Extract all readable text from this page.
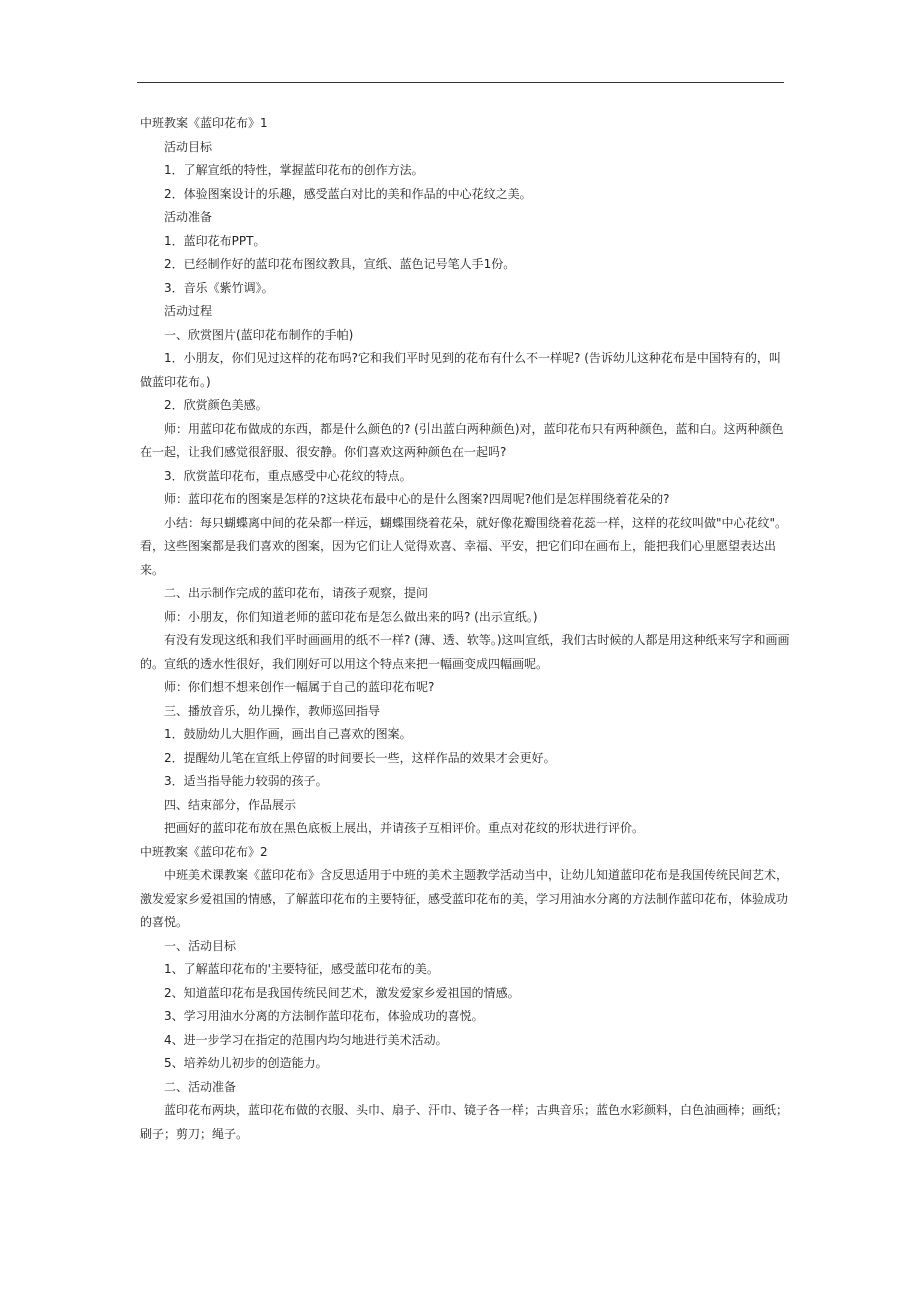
中班教案《蓝印花布》1

活动目标

1．了解宣纸的特性，掌握蓝印花布的创作方法。

2．体验图案设计的乐趣，感受蓝白对比的美和作品的中心花纹之美。

活动准备

1．蓝印花布PPT。

2．已经制作好的蓝印花布图纹教具，宣纸、蓝色记号笔人手1份。

3．音乐《紫竹调》。

活动过程

一、欣赏图片(蓝印花布制作的手帕)

1．小朋友，你们见过这样的花布吗?它和我们平时见到的花布有什么不一样呢? (告诉幼儿这种花布是中国特有的，叫做蓝印花布。)

2．欣赏颜色美感。

师：用蓝印花布做成的东西，都是什么颜色的? (引出蓝白两种颜色)对，蓝印花布只有两种颜色，蓝和白。这两种颜色在一起，让我们感觉很舒服、很安静。你们喜欢这两种颜色在一起吗?

3．欣赏蓝印花布，重点感受中心花纹的特点。

师：蓝印花布的图案是怎样的?这块花布最中心的是什么图案?四周呢?他们是怎样围绕着花朵的?

小结：每只蝴蝶离中间的花朵都一样远，蝴蝶围绕着花朵，就好像花瓣围绕着花蕊一样，这样的花纹叫做"中心花纹"。看，这些图案都是我们喜欢的图案，因为它们让人觉得欢喜、幸福、平安，把它们印在画布上，能把我们心里愿望表达出来。

二、出示制作完成的蓝印花布，请孩子观察，提问

师：小朋友，你们知道老师的蓝印花布是怎么做出来的吗? (出示宣纸。)

有没有发现这纸和我们平时画画用的纸不一样? (薄、透、软等。)这叫宣纸，我们古时候的人都是用这种纸来写字和画画的。宣纸的透水性很好，我们刚好可以用这个特点来把一幅画变成四幅画呢。

师：你们想不想来创作一幅属于自己的蓝印花布呢?

三、播放音乐，幼儿操作，教师巡回指导

1．鼓励幼儿大胆作画，画出自己喜欢的图案。

2．提醒幼儿笔在宣纸上停留的时间要长一些，这样作品的效果才会更好。

3．适当指导能力较弱的孩子。

四、结束部分，作品展示

把画好的蓝印花布放在黑色底板上展出，并请孩子互相评价。重点对花纹的形状进行评价。

中班教案《蓝印花布》2

中班美术课教案《蓝印花布》含反思适用于中班的美术主题教学活动当中，让幼儿知道蓝印花布是我国传统民间艺术，激发爱家乡爱祖国的情感，了解蓝印花布的主要特征，感受蓝印花布的美，学习用油水分离的方法制作蓝印花布，体验成功的喜悦。

一、活动目标

1、了解蓝印花布的'主要特征，感受蓝印花布的美。

2、知道蓝印花布是我国传统民间艺术，激发爱家乡爱祖国的情感。

3、学习用油水分离的方法制作蓝印花布，体验成功的喜悦。

4、进一步学习在指定的范围内均匀地进行美术活动。

5、培养幼儿初步的创造能力。

二、活动准备

蓝印花布两块，蓝印花布做的衣服、头巾、扇子、汗巾、镜子各一样；古典音乐；蓝色水彩颜料，白色油画棒；画纸；刷子；剪刀；绳子。
